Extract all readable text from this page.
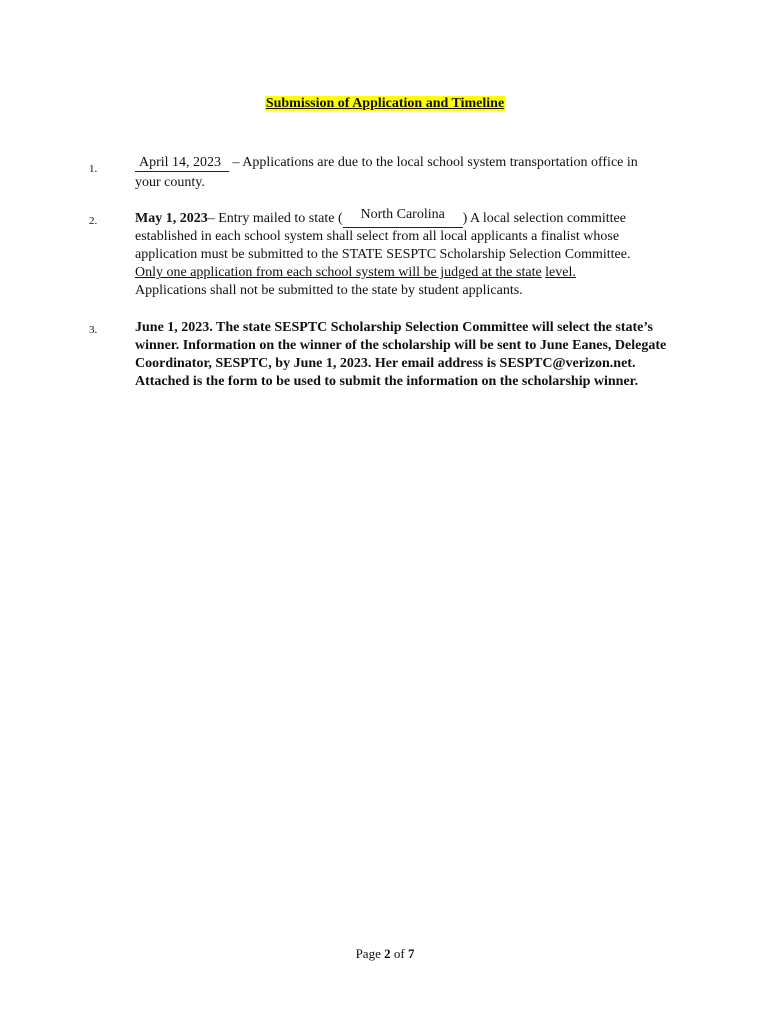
Submission of Application and Timeline
1.	April 14, 2023 – Applications are due to the local school system transportation office in
your county.
2.	May 1, 2023– Entry mailed to state ( North Carolina ) A local selection committee established in each school system shall select from all local applicants a finalist whose application must be submitted to the STATE SESPTC Scholarship Selection Committee.
Only one application from each school system will be judged at the state level.
Applications shall not be submitted to the state by student applicants.
3.	June 1, 2023. The state SESPTC Scholarship Selection Committee will select the state’s winner. Information on the winner of the scholarship will be sent to June Eanes, Delegate Coordinator, SESPTC, by June 1, 2023. Her email address is SESPTC@verizon.net. Attached is the form to be used to submit the information on the scholarship winner.
Page 2 of 7
